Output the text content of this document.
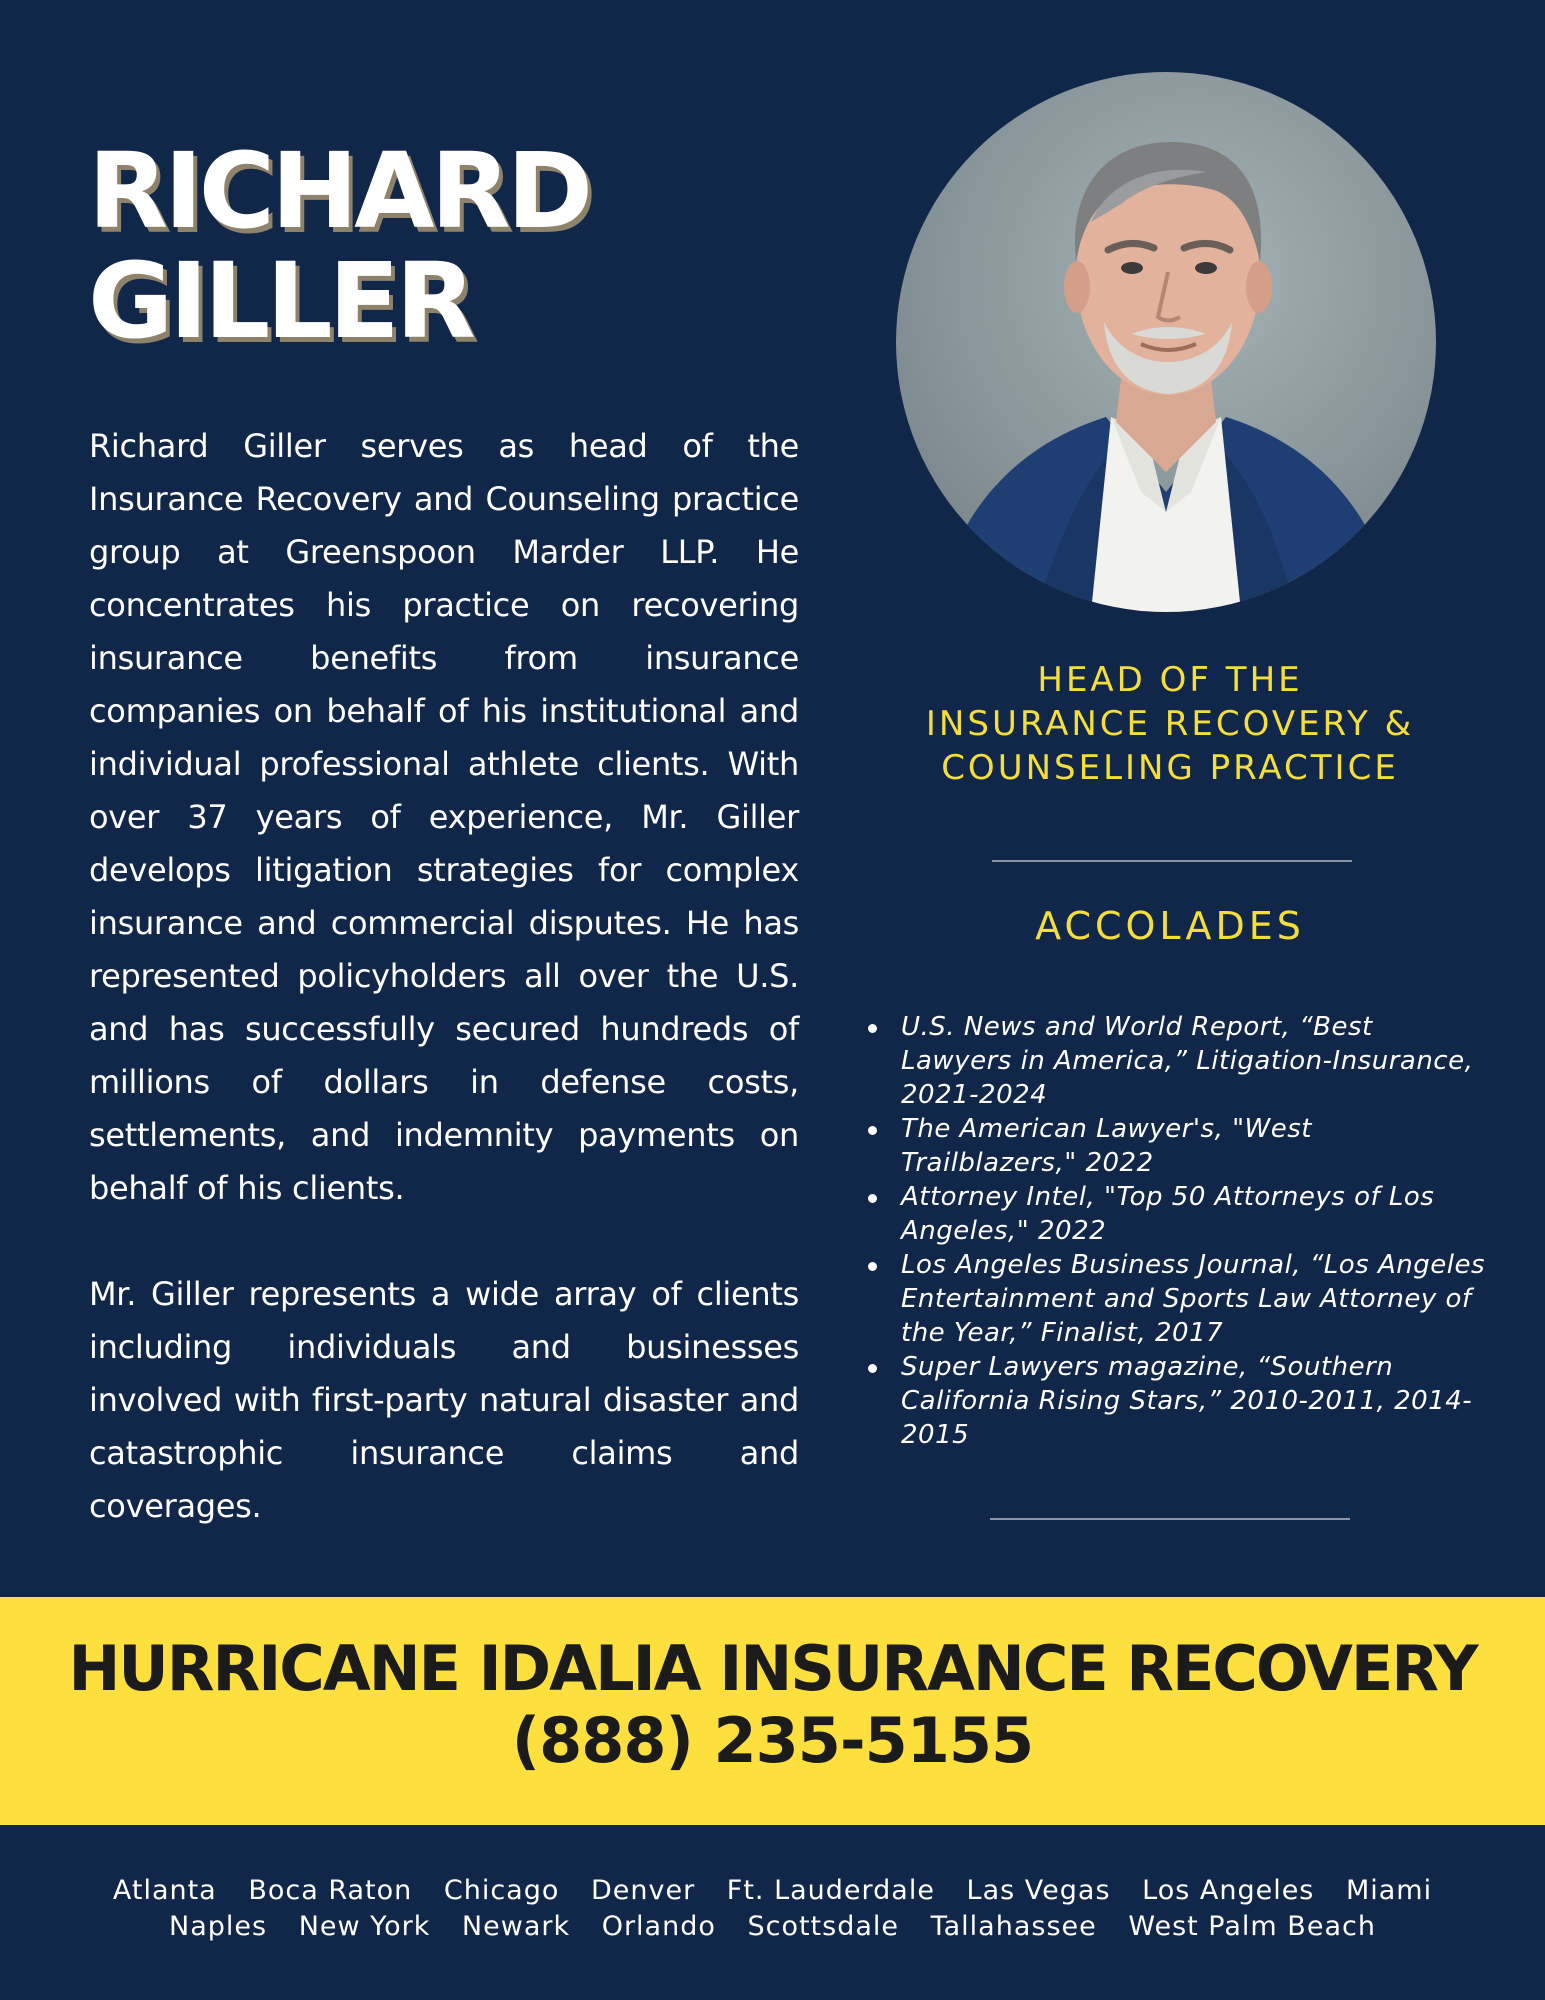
RICHARD
GILLER

Richard Giller serves as head of the Insurance Recovery and Counseling practice group at Greenspoon Marder LLP. He concentrates his practice on recovering insurance benefits from insurance companies on behalf of his institutional and individual professional athlete clients. With over 37 years of experience, Mr. Giller develops litigation strategies for complex insurance and commercial disputes. He has represented policyholders all over the U.S. and has successfully secured hundreds of millions of dollars in defense costs, settlements, and indemnity payments on behalf of his clients.

Mr. Giller represents a wide array of clients including individuals and businesses involved with first-party natural disaster and catastrophic insurance claims and coverages.

HEAD OF THE
INSURANCE RECOVERY &
COUNSELING PRACTICE
ACCOLADES
U.S. News and World Report, “Best Lawyers in America,” Litigation-Insurance, 2021-2024
The American Lawyer's, "West Trailblazers," 2022
Attorney Intel, "Top 50 Attorneys of Los Angeles," 2022
Los Angeles Business Journal, “Los Angeles Entertainment and Sports Law Attorney of the Year,” Finalist, 2017
Super Lawyers magazine, “Southern California Rising Stars,” 2010-2011, 2014-2015
HURRICANE IDALIA INSURANCE RECOVERY
(888) 235-5155
Atlanta Boca Raton Chicago Denver Ft. Lauderdale Las Vegas Los Angeles Miami
Naples New York Newark Orlando Scottsdale Tallahassee West Palm Beach
